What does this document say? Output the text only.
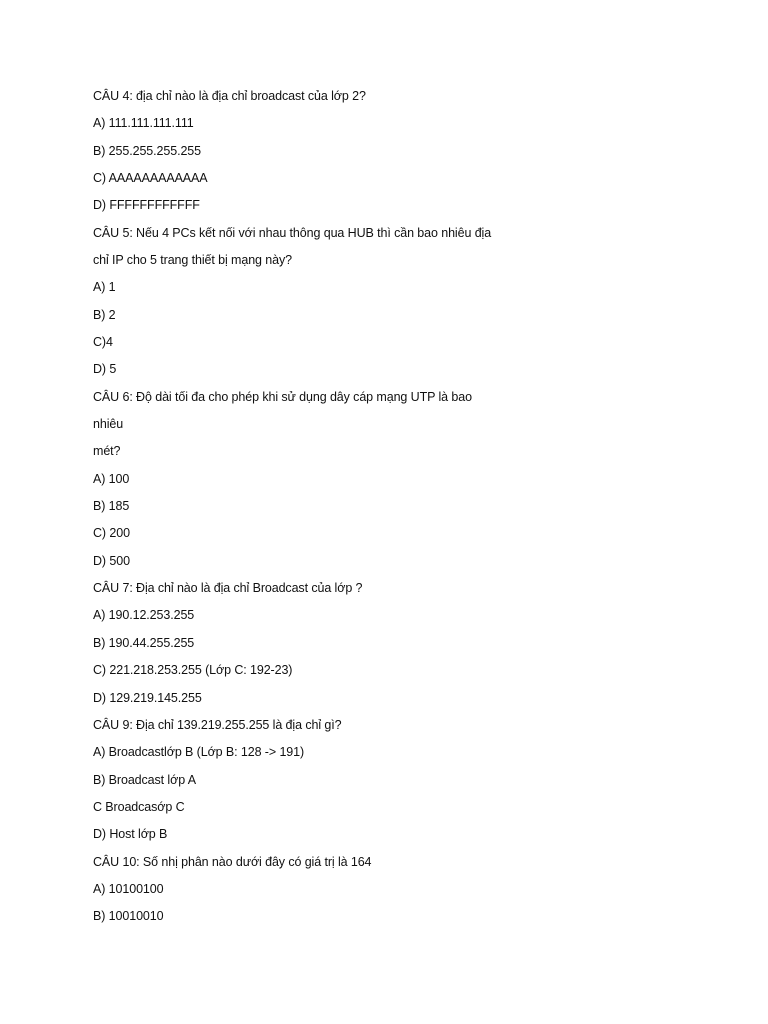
CÂU 4: địa chỉ nào là địa chỉ broadcast của lớp 2?

A) 111.111.111.111

B) 255.255.255.255

C) AAAAAAAAAAAA

D) FFFFFFFFFFFF

CÂU 5: Nếu 4 PCs kết nối với nhau thông qua HUB thì cần bao nhiêu địa

chỉ IP cho 5 trang thiết bị mạng này?

A) 1

B) 2

C)4

D) 5

CÂU 6: Độ dài tối đa cho phép khi sử dụng dây cáp mạng UTP là bao

nhiêu

mét?

A) 100

B) 185

C) 200

D) 500

CÂU 7: Địa chỉ nào là địa chỉ Broadcast của lớp ?

A) 190.12.253.255

B) 190.44.255.255

C) 221.218.253.255 (Lớp C: 192-23)

D) 129.219.145.255

CÂU 9: Địa chỉ 139.219.255.255 là địa chỉ gì?

A) Broadcastlớp B (Lớp B: 128 -> 191)

B) Broadcast lớp A

C Broadcasớp C

D) Host lớp B

CÂU 10: Số nhị phân nào dưới đây có giá trị là 164

A) 10100100

B) 10010010
